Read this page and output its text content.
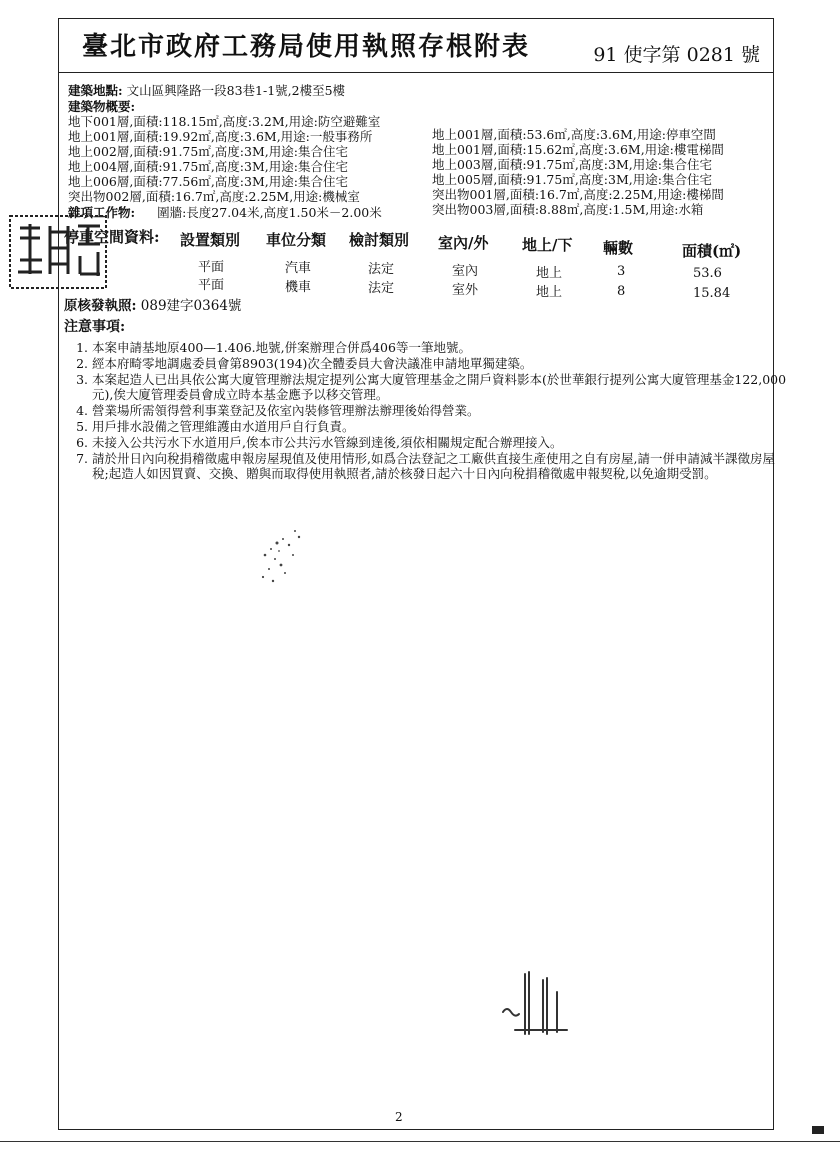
臺北市政府工務局使用執照存根附表	91 使字第 0281 號
建築地點: 文山區興隆路一段83巷1-1號,2樓至5樓
建築物概要:
地下001層,面積:118.15㎡,高度:3.2M,用途:防空避難室
地上001層,面積:19.92㎡,高度:3.6M,用途:一般事務所
地上002層,面積:91.75㎡,高度:3M,用途:集合住宅
地上004層,面積:91.75㎡,高度:3M,用途:集合住宅
地上006層,面積:77.56㎡,高度:3M,用途:集合住宅
突出物002層,面積:16.7㎡,高度:2.25M,用途:機械室
地上001層,面積:53.6㎡,高度:3.6M,用途:停車空間
地上001層,面積:15.62㎡,高度:3.6M,用途:樓電梯間
地上003層,面積:91.75㎡,高度:3M,用途:集合住宅
地上005層,面積:91.75㎡,高度:3M,用途:集合住宅
突出物001層,面積:16.7㎡,高度:2.25M,用途:樓梯間
突出物003層,面積:8.88㎡,高度:1.5M,用途:水箱
雜項工作物: 圍牆:長度27.04米,高度1.50米－2.00米
停車空間資料: 設置類別 車位分類 檢討類別 室內/外 地上/下 輛數	面積(㎡)
平面	汽車	法定	室內	地上	3	53.6
平面	機車	法定	室外	地上	8	15.84
原核發執照: 089建字0364號
注意事項:
1. 本案申請基地原400—1.406.地號,併案辦理合併爲406等一筆地號。
2. 經本府畸零地調處委員會第8903(194)次全體委員大會決議准申請地單獨建築。
3. 本案起造人已出具依公寓大廈管理辦法規定提列公寓大廈管理基金之開戶資料影本(於世華銀行提列公寓大廈管理基金122,000元),俟大廈管理委員會成立時本基金應予以移交管理。
4. 營業場所需領得營利事業登記及依室內裝修管理辦法辦理後始得營業。
5. 用戶排水設備之管理維護由水道用戶自行負責。
6. 未接入公共污水下水道用戶,俟本市公共污水管線到達後,須依相關規定配合辦理接入。
7. 請於卅日內向稅捐稽徵處申報房屋現值及使用情形,如爲合法登記之工廠供直接生產使用之自有房屋,請一併申請減半課徵房屋稅;起造人如因買賣、交換、贈與而取得使用執照者,請於核發日起六十日內向稅捐稽徵處申報契稅,以免逾期受罰。
2
